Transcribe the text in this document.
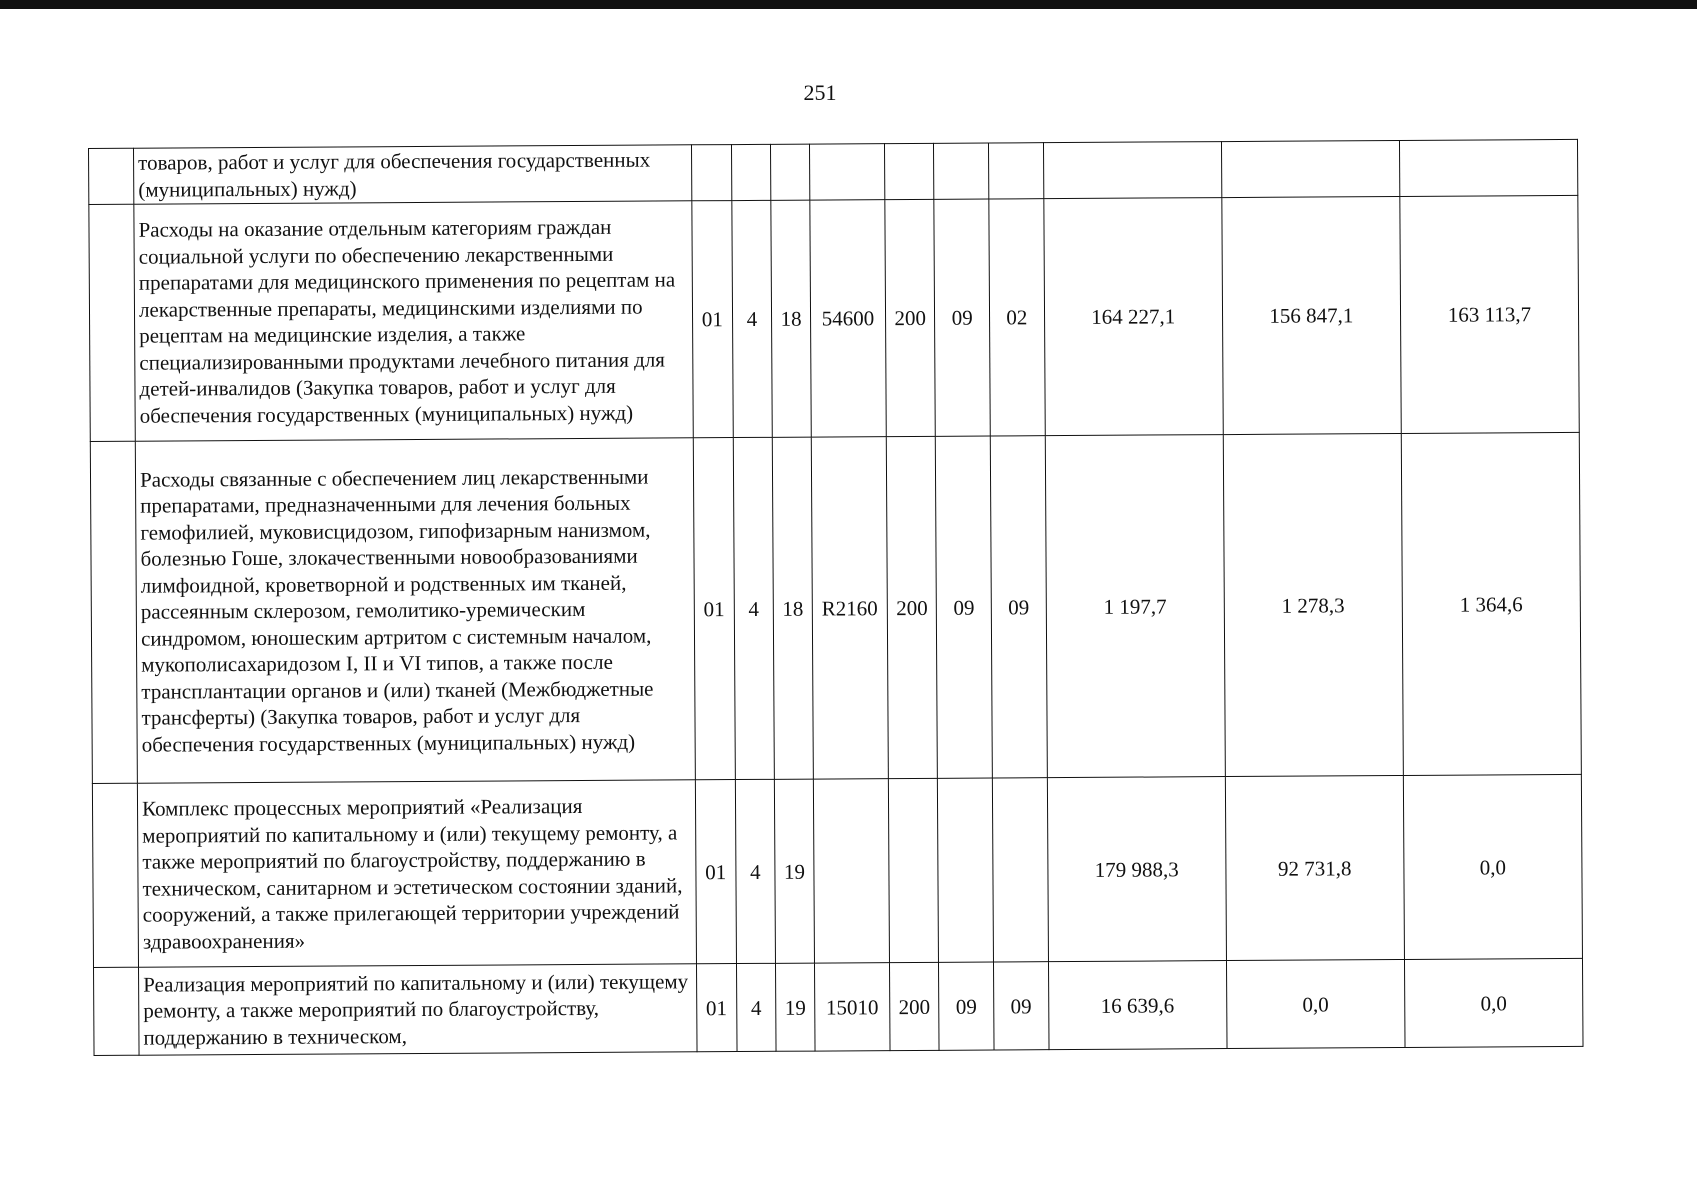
251
	товаров, работ и услуг для обеспечения государственных (муниципальных) нужд)										
	Расходы на оказание отдельным категориям граждан социальной услуги по обеспечению лекарственными препаратами для медицинского применения по рецептам на лекарственные препараты, медицинскими изделиями по рецептам на медицинские изделия, а также специализированными продуктами лечебного питания для детей-инвалидов (Закупка товаров, работ и услуг для обеспечения государственных (муниципальных) нужд)	01	4	18	54600	200	09	02	164 227,1	156 847,1	163 113,7
	Расходы связанные с обеспечением лиц лекарственными препаратами, предназначенными для лечения больных гемофилией, муковисцидозом, гипофизарным нанизмом, болезнью Гоше, злокачественными новообразованиями лимфоидной, кроветворной и родственных им тканей, рассеянным склерозом, гемолитико-уремическим синдромом, юношеским артритом с системным началом, мукополисахаридозом I, II и VI типов, а также после трансплантации органов и (или) тканей (Межбюджетные трансферты) (Закупка товаров, работ и услуг для обеспечения государственных (муниципальных) нужд)	01	4	18	R2160	200	09	09	1 197,7	1 278,3	1 364,6
	Комплекс процессных мероприятий «Реализация мероприятий по капитальному и (или) текущему ремонту, а также мероприятий по благоустройству, поддержанию в техническом, санитарном и эстетическом состоянии зданий, сооружений, а также прилегающей территории учреждений здравоохранения»	01	4	19					179 988,3	92 731,8	0,0
	Реализация мероприятий по капитальному и (или) текущему ремонту, а также мероприятий по благоустройству, поддержанию в техническом,	01	4	19	15010	200	09	09	16 639,6	0,0	0,0
